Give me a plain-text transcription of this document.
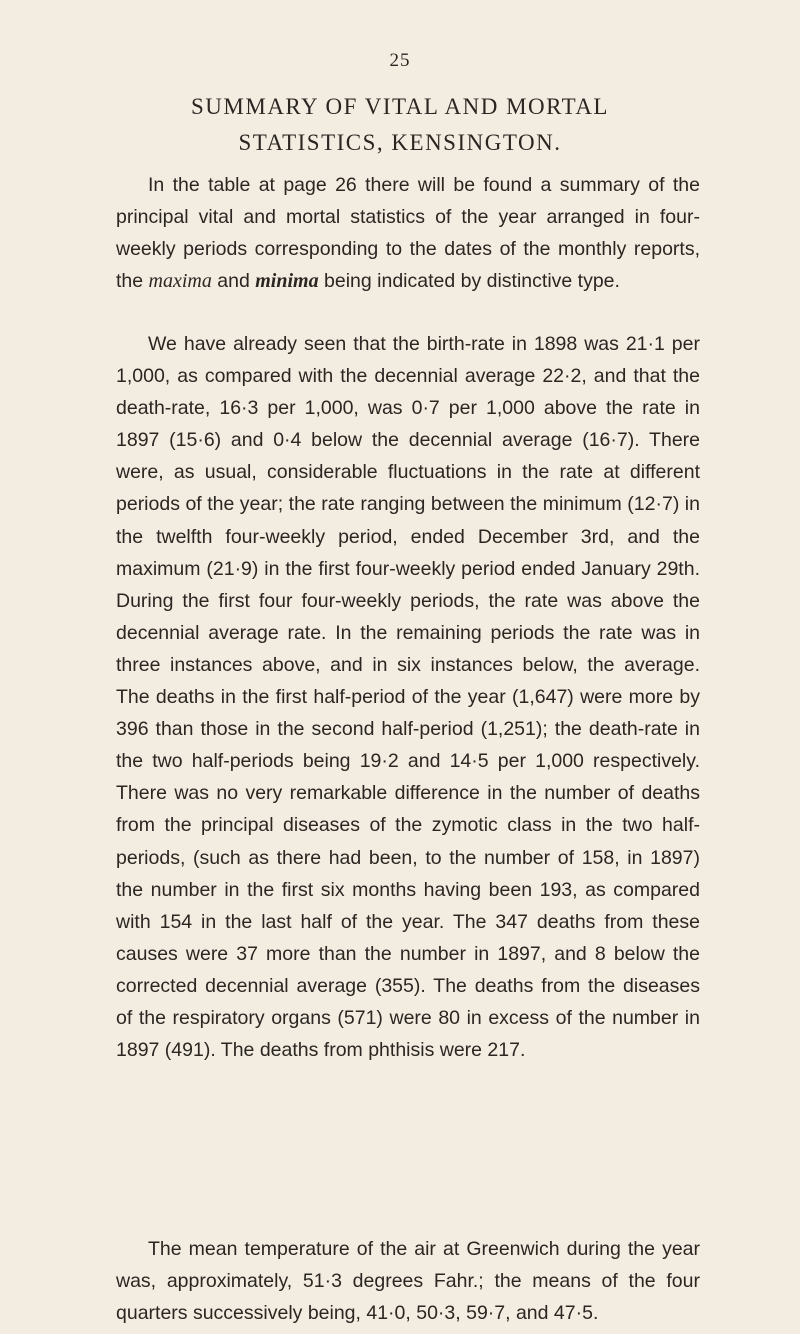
25
SUMMARY OF VITAL AND MORTAL
STATISTICS, KENSINGTON.

In the table at page 26 there will be found a summary of the principal vital and mortal statistics of the year arranged in four-weekly periods corresponding to the dates of the monthly reports, the maxima and minima being indicated by distinctive type.

We have already seen that the birth-rate in 1898 was 21·1 per 1,000, as compared with the decennial average 22·2, and that the death-rate, 16·3 per 1,000, was 0·7 per 1,000 above the rate in 1897 (15·6) and 0·4 below the decennial average (16·7). There were, as usual, considerable fluctuations in the rate at different periods of the year; the rate ranging between the minimum (12·7) in the twelfth four-weekly period, ended December 3rd, and the maximum (21·9) in the first four-weekly period ended January 29th. During the first four four-weekly periods, the rate was above the decennial average rate. In the remaining periods the rate was in three instances above, and in six instances below, the average. The deaths in the first half-period of the year (1,647) were more by 396 than those in the second half-period (1,251); the death-rate in the two half-periods being 19·2 and 14·5 per 1,000 respectively. There was no very remarkable difference in the number of deaths from the principal diseases of the zymotic class in the two half-periods, (such as there had been, to the number of 158, in 1897) the number in the first six months having been 193, as compared with 154 in the last half of the year. The 347 deaths from these causes were 37 more than the number in 1897, and 8 below the corrected decennial average (355). The deaths from the diseases of the respiratory organs (571) were 80 in excess of the number in 1897 (491). The deaths from phthisis were 217.

The mean temperature of the air at Greenwich during the year was, approximately, 51·3 degrees Fahr.; the means of the four quarters successively being, 41·0, 50·3, 59·7, and 47·5.
